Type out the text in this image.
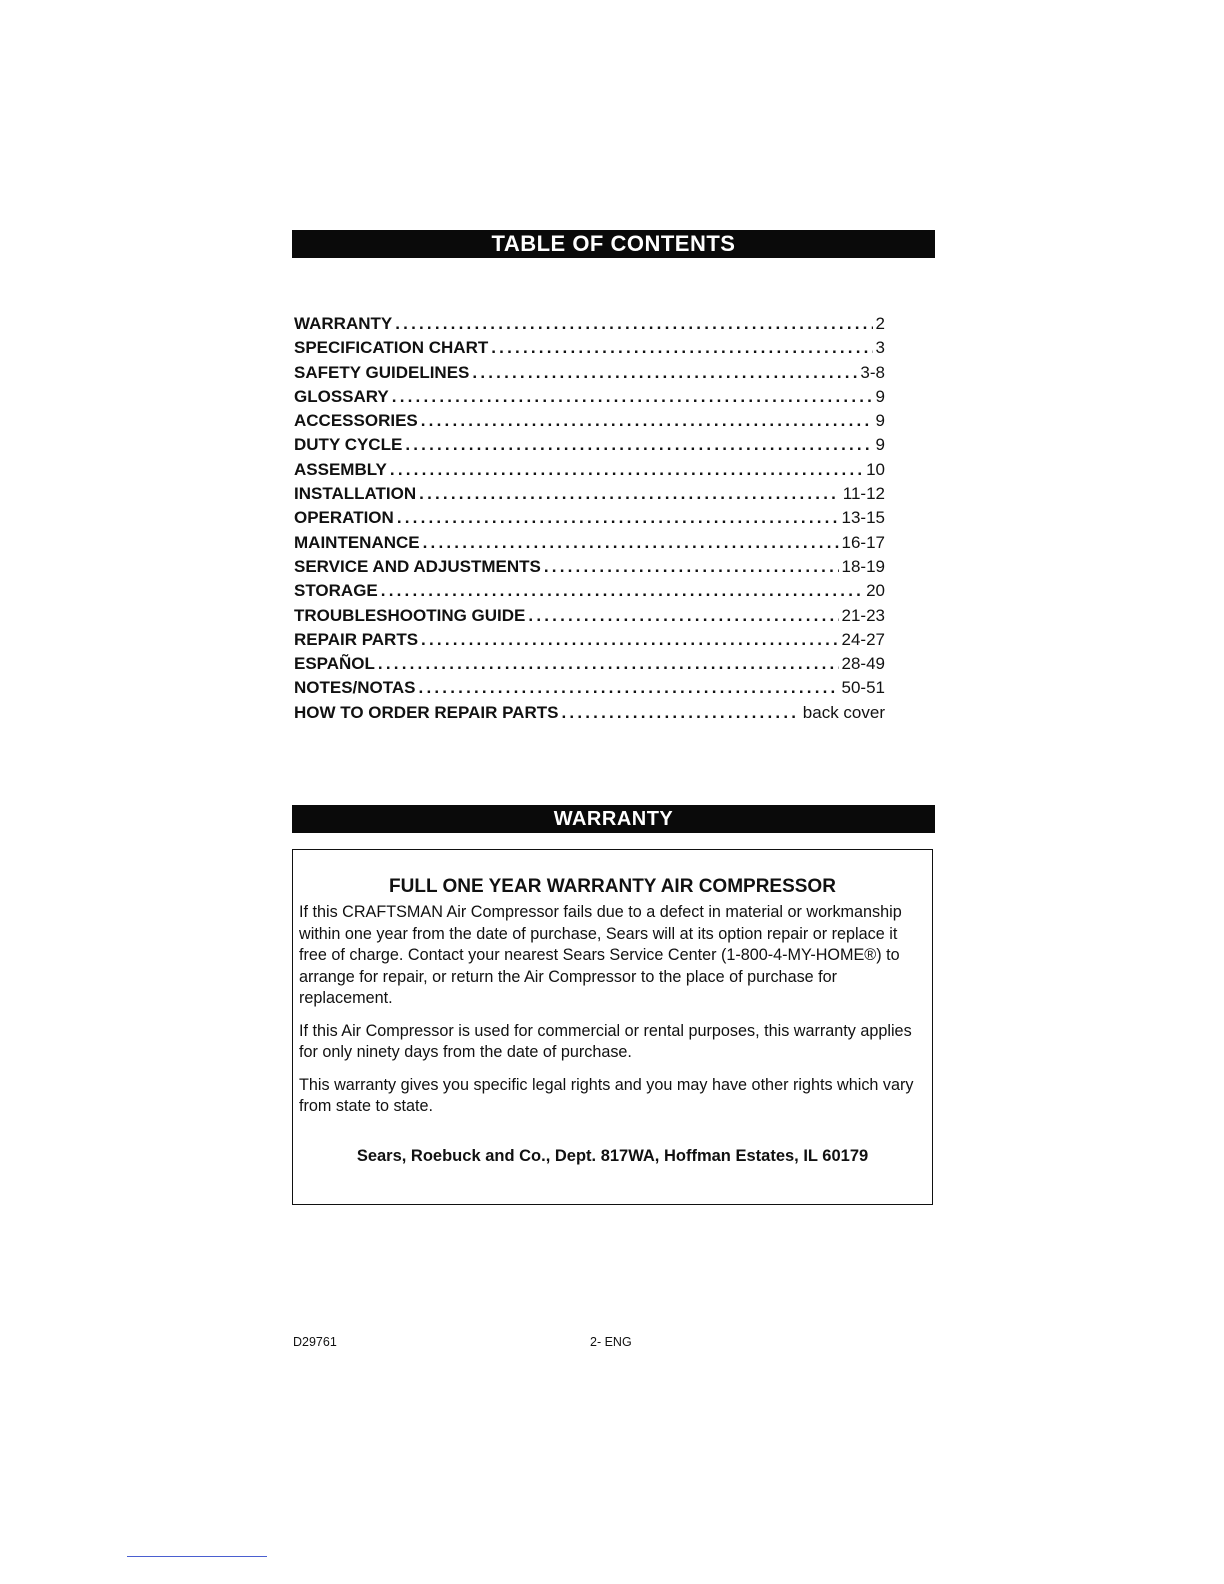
TABLE OF CONTENTS
WARRANTY .....	2
SPECIFICATION CHART .....	3
SAFETY GUIDELINES .....	3-8
GLOSSARY .....	9
ACCESSORIES .....	9
DUTY CYCLE .....	9
ASSEMBLY .....	10
INSTALLATION .....	11-12
OPERATION .....	13-15
MAINTENANCE .....	16-17
SERVICE AND ADJUSTMENTS .....	18-19
STORAGE .....	20
TROUBLESHOOTING GUIDE .....	21-23
REPAIR PARTS .....	24-27
ESPAÑOL .....	28-49
NOTES/NOTAS .....	50-51
HOW TO ORDER REPAIR PARTS .....	back cover
WARRANTY

FULL ONE YEAR WARRANTY AIR COMPRESSOR

If this CRAFTSMAN Air Compressor fails due to a defect in material or workmanship within one year from the date of purchase, Sears will at its option repair or replace it free of charge. Contact your nearest Sears Service Center (1-800-4-MY-HOME®) to arrange for repair, or return the Air Compressor to the place of purchase for replacement.

If this Air Compressor is used for commercial or rental purposes, this warranty applies for only ninety days from the date of purchase.

This warranty gives you specific legal rights and you may have other rights which vary from state to state.

Sears, Roebuck and Co., Dept. 817WA, Hoffman Estates, IL 60179

D29761	2- ENG
